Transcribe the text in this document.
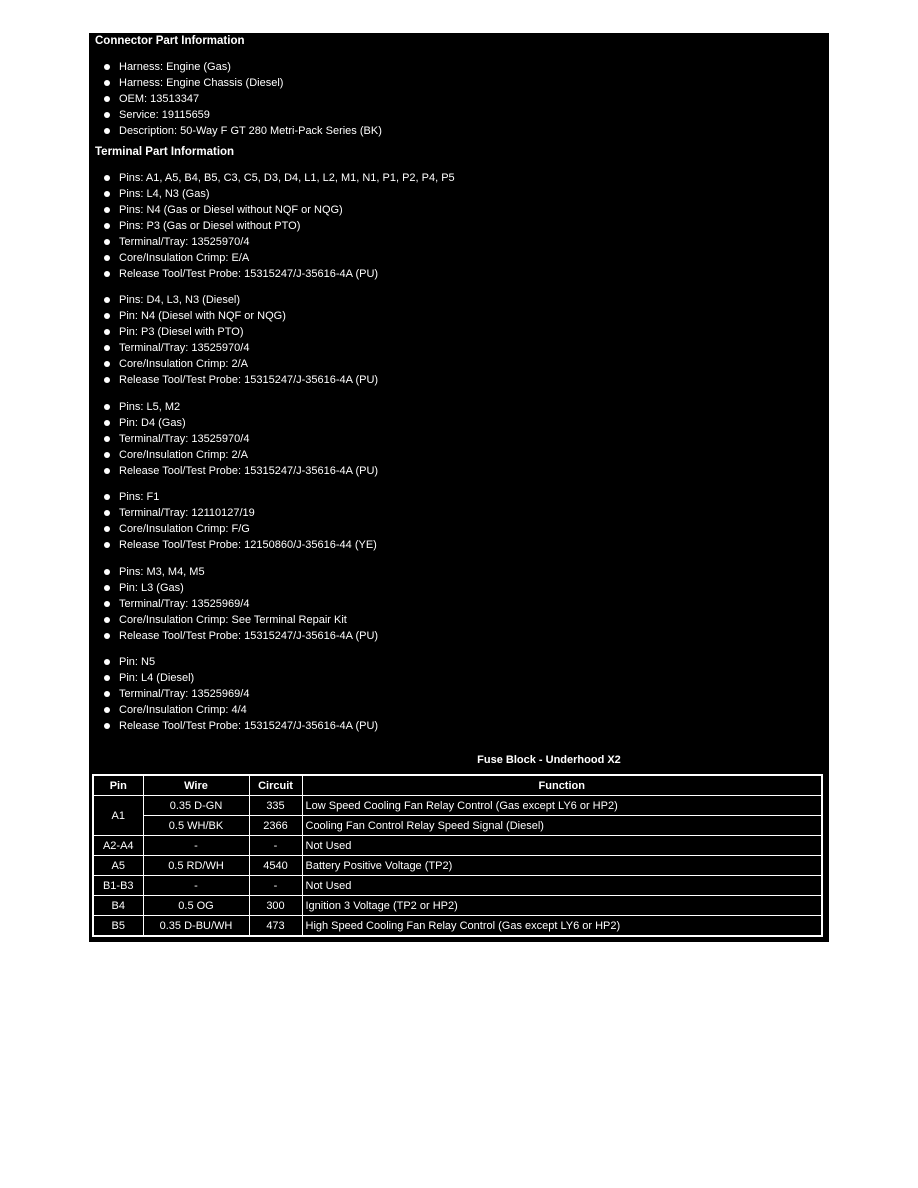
Connector Part Information
Harness: Engine (Gas)
Harness: Engine Chassis (Diesel)
OEM: 13513347
Service: 19115659
Description: 50-Way F GT 280 Metri-Pack Series (BK)
Terminal Part Information
Pins: A1, A5, B4, B5, C3, C5, D3, D4, L1, L2, M1, N1, P1, P2, P4, P5
Pins: L4, N3 (Gas)
Pins: N4 (Gas or Diesel without NQF or NQG)
Pins: P3 (Gas or Diesel without PTO)
Terminal/Tray: 13525970/4
Core/Insulation Crimp: E/A
Release Tool/Test Probe: 15315247/J-35616-4A (PU)
Pins: D4, L3, N3 (Diesel)
Pin: N4 (Diesel with NQF or NQG)
Pin: P3 (Diesel with PTO)
Terminal/Tray: 13525970/4
Core/Insulation Crimp: 2/A
Release Tool/Test Probe: 15315247/J-35616-4A (PU)
Pins: L5, M2
Pin: D4 (Gas)
Terminal/Tray: 13525970/4
Core/Insulation Crimp: 2/A
Release Tool/Test Probe: 15315247/J-35616-4A (PU)
Pins: F1
Terminal/Tray: 12110127/19
Core/Insulation Crimp: F/G
Release Tool/Test Probe: 12150860/J-35616-44 (YE)
Pins: M3, M4, M5
Pin: L3 (Gas)
Terminal/Tray: 13525969/4
Core/Insulation Crimp: See Terminal Repair Kit
Release Tool/Test Probe: 15315247/J-35616-4A (PU)
Pin: N5
Pin: L4 (Diesel)
Terminal/Tray: 13525969/4
Core/Insulation Crimp: 4/4
Release Tool/Test Probe: 15315247/J-35616-4A (PU)
Fuse Block - Underhood X2
Pin	Wire	Circuit	Function
A1	0.35 D-GN	335	Low Speed Cooling Fan Relay Control (Gas except LY6 or HP2)
	0.5 WH/BK	2366	Cooling Fan Control Relay Speed Signal (Diesel)
A2-A4	-	-	Not Used
A5	0.5 RD/WH	4540	Battery Positive Voltage (TP2)
B1-B3	-	-	Not Used
B4	0.5 OG	300	Ignition 3 Voltage (TP2 or HP2)
B5	0.35 D-BU/WH	473	High Speed Cooling Fan Relay Control (Gas except LY6 or HP2)
